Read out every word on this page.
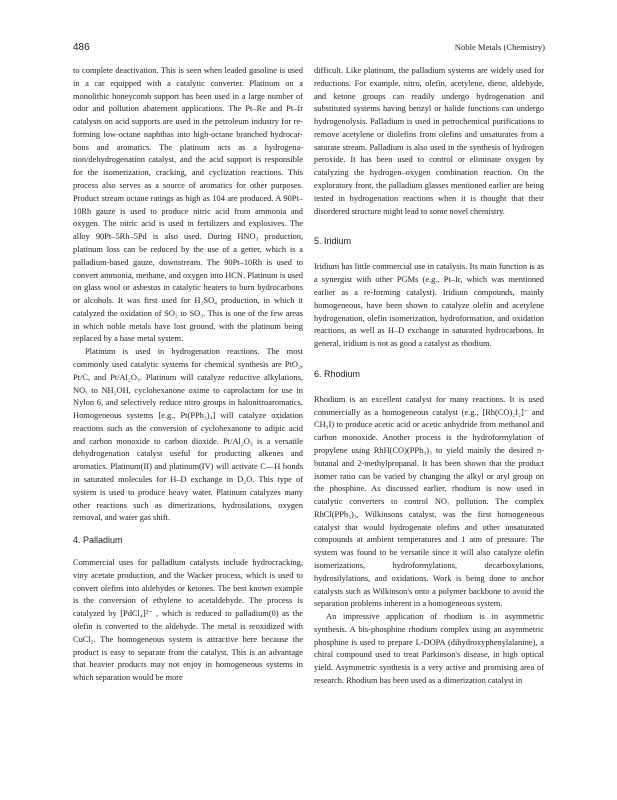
486	Noble Metals (Chemistry)

to complete deactivation. This is seen when leaded gasoline is used in a car equipped with a catalytic converter. Platinum on a monolithic honeycomb support has been used in a large number of odor and pollution abatement applications. The Pt–Re and Pt–Ir catalysts on acid supports are used in the petroleum industry for re-forming low-octane naphthas into high-octane branched hydrocarbons and aromatics. The platinum acts as a hydrogenation/dehydrogenation catalyst, and the acid support is responsible for the isomerization, cracking, and cyclization reactions. This process also serves as a source of aromatics for other purposes. Product stream octane ratings as high as 104 are produced. A 90Pt–10Rh gauze is used to produce nitric acid from ammonia and oxygen. The nitric acid is used in fertilizers and explosives. The alloy 90Pt–5Rh–5Pd is also used. During HNO₃ production, platinum loss can be reduced by the use of a getter, which is a palladium-based gauze, downstream. The 90Pt–10Rh is used to convert ammonia, methane, and oxygen into HCN. Platinum is used on glass wool or asbestos in catalytic heaters to burn hydrocarbons or alcohols. It was first used for H₂SO₄ production, in which it catalyzed the oxidation of SO₂ to SO₃. This is one of the few areas in which noble metals have lost ground, with the platinum being replaced by a base metal system.

Platinum is used in hydrogenation reactions. The most commonly used catalytic systems for chemical synthesis are PtO₂, Pt/C, and Pt/Al₂O₃. Platinum will catalyze reductive alkylations, NOₓ to NH₂OH, cyclohexanone oxime to caprolactam for use in Nylon 6, and selectively reduce nitro groups in halonitroaromatics. Homogeneous systems [e.g., Pt(PPh₃)₄] will catalyze oxidation reactions such as the conversion of cyclohexanone to adipic acid and carbon monoxide to carbon dioxide. Pt/Al₂O₃ is a versatile dehydrogenation catalyst useful for producting alkenes and aromatics. Platinum(II) and platinum(IV) will activate C—H bonds in saturated molecules for H–D exchange in D₂O. This type of system is used to produce heavy water. Platinum catalyzes many other reactions such as dimerizations, hydrosilations, oxygen removal, and water gas shift.

4. Palladium

Commercial uses for palladium catalysts include hydrocracking, viny acetate production, and the Wacker process, which is used to convert olefins into aldehydes or ketones. The best known example is the conversion of ethylene to acetaldehyde. The process is catalyzed by [PdCl₄]²⁻ , which is reduced to palladium(0) as the olefin is converted to the aldehyde. The metal is reoxidized with CuCl₂. The homogeneous system is attractive here because the product is easy to separate from the catalyst. This is an advantage that heavier products may not enjoy in homogeneous systems in which separation would be more

difficult. Like platinum, the palladium systems are widely used for reductions. For example, nitro, olefin, acetylene, diene, aldehyde, and ketone groups can readily undergo hydrogenation and substituted systems having benzyl or halide functions can undergo hydrogenolysis. Palladium is used in petrochemical purifications to remove acetylene or diolefins from olefins and unsaturates from a saturate stream. Palladium is also used in the synthesis of hydrogen peroxide. It has been used to control or eliminate oxygen by catalyzing the hydrogen–oxygen combination reaction. On the exploratory front, the palladium glasses mentioned earlier are being tested in hydrogenation reactions when it is thought that their disordered structure might lead to some novel chemistry.

5. Iridium

Iridium has little commercial use in catalysis. Its main function is as a synergist with other PGMs (e.g., Pt–Ir, which was mentioned earlier as a re-forming catalyst). Iridium compounds, mainly homogeneous, have been shown to catalyze olefin and acetylene hydrogenation, olefin isomerization, hydroformation, and oxidation reactions, as well as H–D exchange in saturated hydrocarbons. In general, iridium is not as good a catalyst as rhodium.

6. Rhodium

Rhodium is an excellent catalyst for many reactions. It is used commercially as a homogeneous catalyst (e.g., [Rh(CO)₂I₂]⁻ and CH₃I) to produce acetic acid or acetic anhydride from methanol and carbon monoxide. Another process is the hydroformylation of propylene using RhH(CO)(PPh₃)₃ to yield mainly the desired n-butanal and 2-methylpropanal. It has been shown that the product isomer ratio can be varied by changing the alkyl or aryl group on the phosphine. As discussed earlier, rhodium is now used in catalytic converters to control NOₓ pollution. The complex RhCl(PPh₃)₃, Wilkinsons catalyst, was the first homogeneous catalyst that would hydrogenate olefins and other unsaturated compounds at ambient temperatures and 1 atm of pressure. The system was found to be versatile since it will also catalyze olefin isomerizations, hydroformylations, decarboxylations, hydrosilylations, and oxidations. Work is being done to anchor catalysts such as Wilkinson's onto a polymer backbone to avoid the separation problems inherent in a homogeneous system.

An impressive application of rhodium is in asymmetric synthesis. A bis-phosphine rhodium complex using an asymmetric phosphine is used to prepare L-DOPA (dihydroxyphenylalanine), a chiral compound used to treat Parkinson's disease, in high optical yield. Asymmetric synthesis is a very active and promising area of research. Rhodium has been used as a dimerization catalyst in
